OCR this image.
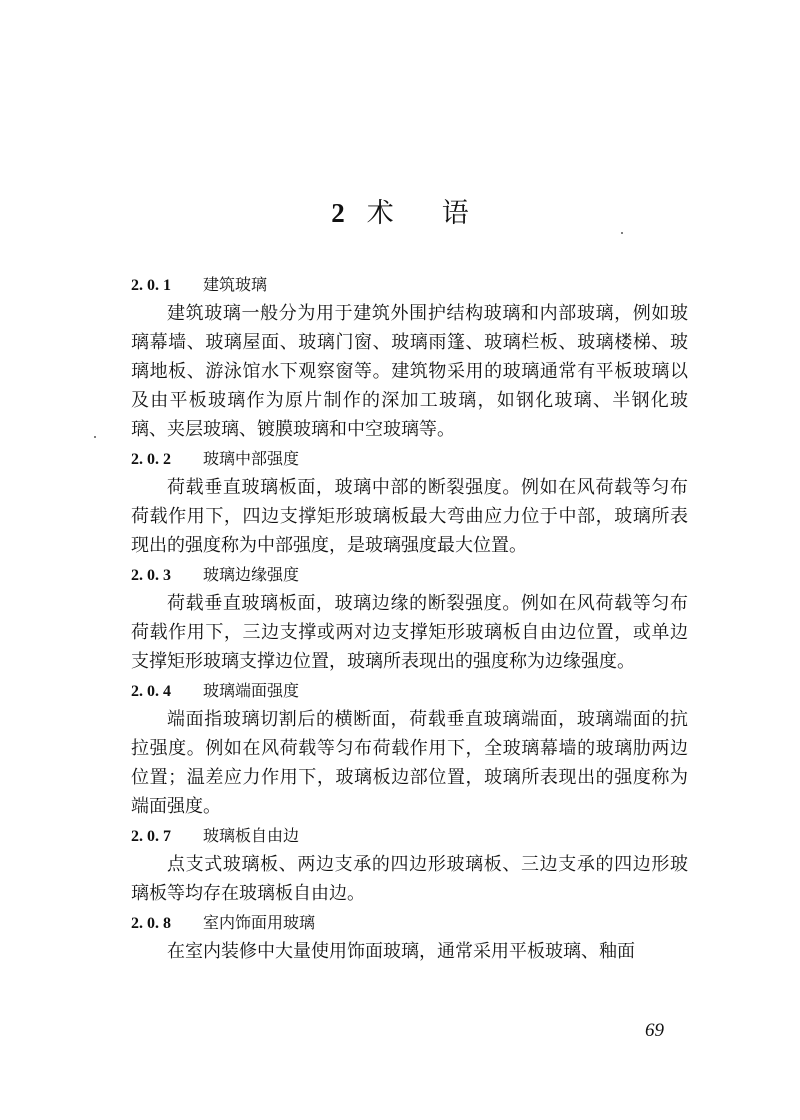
2 术 语
2. 0. 1 建筑玻璃

建筑玻璃一般分为用于建筑外围护结构玻璃和内部玻璃，例如玻璃幕墙、玻璃屋面、玻璃门窗、玻璃雨篷、玻璃栏板、玻璃楼梯、玻璃地板、游泳馆水下观察窗等。建筑物采用的玻璃通常有平板玻璃以及由平板玻璃作为原片制作的深加工玻璃，如钢化玻璃、半钢化玻璃、夹层玻璃、镀膜玻璃和中空玻璃等。

2. 0. 2 玻璃中部强度

荷载垂直玻璃板面，玻璃中部的断裂强度。例如在风荷载等匀布荷载作用下，四边支撑矩形玻璃板最大弯曲应力位于中部，玻璃所表现出的强度称为中部强度，是玻璃强度最大位置。

2. 0. 3 玻璃边缘强度

荷载垂直玻璃板面，玻璃边缘的断裂强度。例如在风荷载等匀布荷载作用下，三边支撑或两对边支撑矩形玻璃板自由边位置，或单边支撑矩形玻璃支撑边位置，玻璃所表现出的强度称为边缘强度。

2. 0. 4 玻璃端面强度

端面指玻璃切割后的横断面，荷载垂直玻璃端面，玻璃端面的抗拉强度。例如在风荷载等匀布荷载作用下，全玻璃幕墙的玻璃肋两边位置；温差应力作用下，玻璃板边部位置，玻璃所表现出的强度称为端面强度。

2. 0. 7 玻璃板自由边

点支式玻璃板、两边支承的四边形玻璃板、三边支承的四边形玻璃板等均存在玻璃板自由边。

2. 0. 8 室内饰面用玻璃

在室内装修中大量使用饰面玻璃，通常采用平板玻璃、釉面

69
